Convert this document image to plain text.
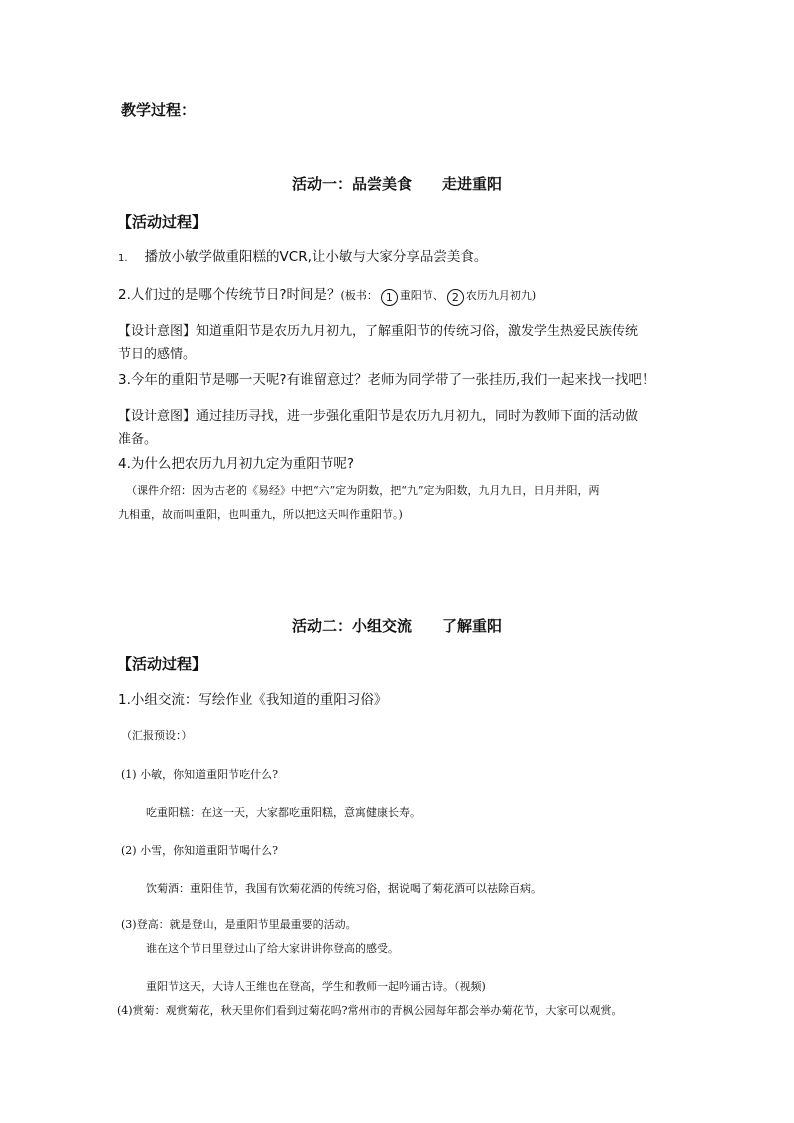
教学过程：
活动一：品尝美食 走进重阳
【活动过程】
1. 播放小敏学做重阳糕的VCR,让小敏与大家分享品尝美食。
2.人们过的是哪个传统节日?时间是？(板书： 1 重阳节、 2 农历九月初九)
【设计意图】知道重阳节是农历九月初九，了解重阳节的传统习俗，激发学生热爱民族传统
节日的感情。
3.今年的重阳节是哪一天呢?有谁留意过？老师为同学带了一张挂历,我们一起来找一找吧！
【设计意图】通过挂历寻找，进一步强化重阳节是农历九月初九，同时为教师下面的活动做
准备。
4.为什么把农历九月初九定为重阳节呢?
（课件介绍：因为古老的《易经》中把“六”定为阴数，把“九”定为阳数，九月九日，日月并阳，两
九相重，故而叫重阳，也叫重九，所以把这天叫作重阳节。)
活动二：小组交流 了解重阳
【活动过程】
1.小组交流：写绘作业《我知道的重阳习俗》
（汇报预设：）
(1) 小敏，你知道重阳节吃什么?
吃重阳糕：在这一天，大家都吃重阳糕，意寓健康长寿。
(2) 小雪，你知道重阳节喝什么?
饮菊酒：重阳佳节，我国有饮菊花酒的传统习俗，据说喝了菊花酒可以祛除百病。
(3)登高：就是登山，是重阳节里最重要的活动。
谁在这个节日里登过山了给大家讲讲你登高的感受。
重阳节这天，大诗人王维也在登高，学生和教师一起吟诵古诗。（视频)
(4)赏菊：观赏菊花，秋天里你们看到过菊花吗?常州市的青枫公园每年都会举办菊花节，大家可以观赏。
